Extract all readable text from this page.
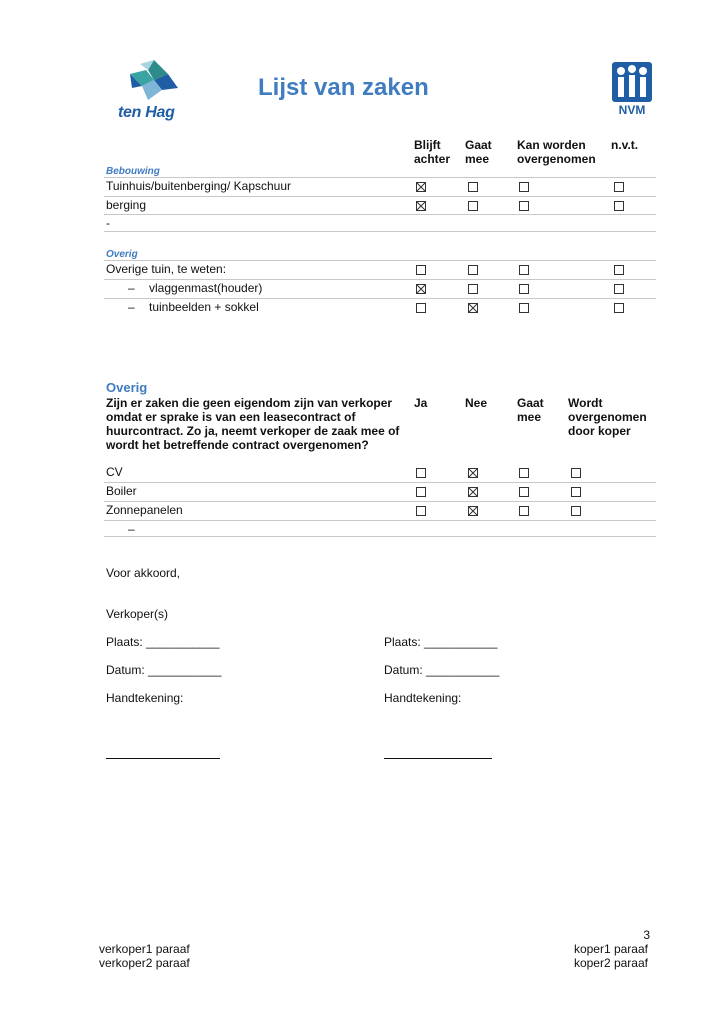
ten Hag
Lijst van zaken
NVM
Blijft
achter
Gaat
mee
Kan worden
overgenomen
n.v.t.
Bebouwing
Tuinhuis/buitenberging/ Kapschuur
berging
-
Overig
Overige tuin, te weten:
– vlaggenmast(houder)
– tuinbeelden + sokkel
Overig
Zijn er zaken die geen eigendom zijn van verkoper omdat er sprake is van een leasecontract of huurcontract. Zo ja, neemt verkoper de zaak mee of wordt het betreffende contract overgenomen?
Ja	Nee Gaat
mee
Wordt
overgenomen
door koper
CV
Boiler
Zonnepanelen
–
Voor akkoord,
Verkoper(s)
Plaats: ___________
Datum: ___________
Handtekening:
Plaats: ___________
Datum: ___________
Handtekening:
3
verkoper1 paraaf
verkoper2 paraaf
koper1 paraaf
koper2 paraaf
